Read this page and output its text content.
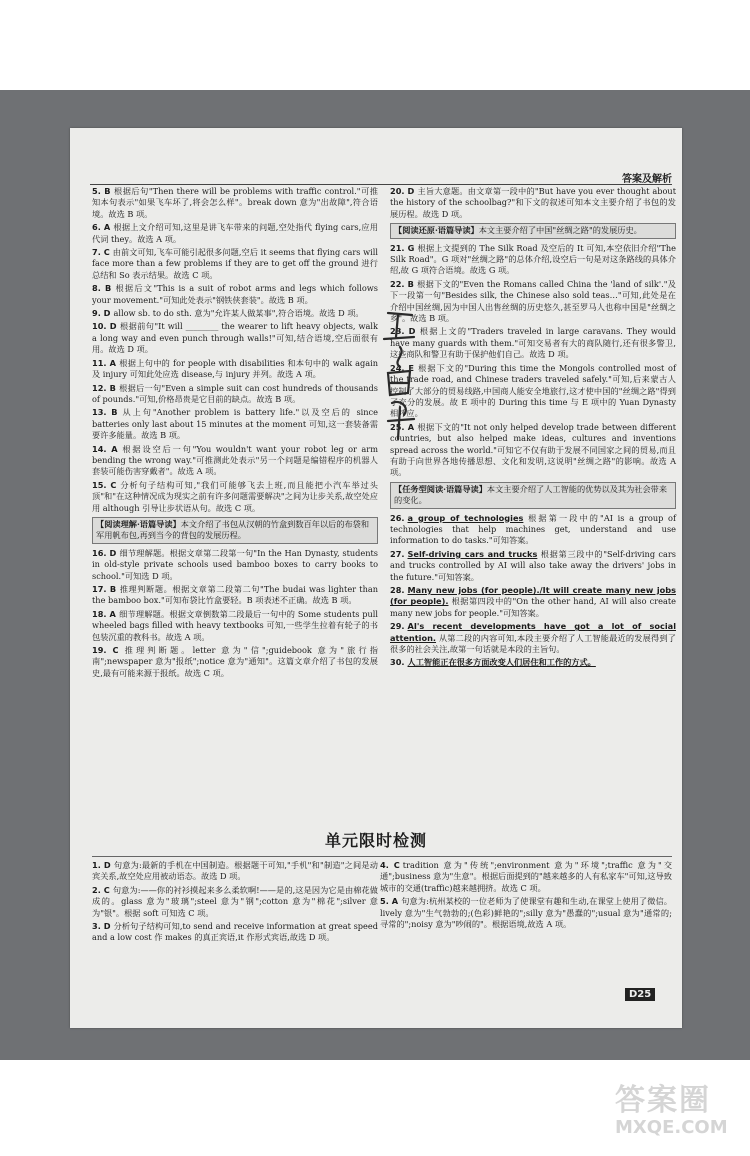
答案及解析
5. B 根据后句"Then there will be problems with traffic control."可推知本句表示"如果飞车坏了,将会怎么样"。break down 意为"出故障",符合语境。故选 B 项。
6. A 根据上文介绍可知,这里是讲飞车带来的问题,空处指代 flying cars,应用代词 they。故选 A 项。
7. C 由前文可知,飞车可能引起很多问题,空后 it seems that flying cars will face more than a few problems if they are to get off the ground 进行总结和 So 表示结果。故选 C 项。
8. B 根据后文"This is a suit of robot arms and legs which follows your movement."可知此处表示"钢铁侠套装"。故选 B 项。
9. D allow sb. to do sth. 意为"允许某人做某事",符合语境。故选 D 项。
10. D 根据前句"It will ________ the wearer to lift heavy objects, walk a long way and even punch through walls!"可知,结合语境,空后面很有用。故选 D 项。
11. A 根据上句中的 for people with disabilities 和本句中的 walk again 及 injury 可知此处应选 disease,与 injury 并列。故选 A 项。
12. B 根据后一句"Even a simple suit can cost hundreds of thousands of pounds."可知,价格昂贵是它目前的缺点。故选 B 项。
13. B 从上句"Another problem is battery life."以及空后的 since batteries only last about 15 minutes at the moment 可知,这一套装备需要许多能量。故选 B 项。
14. A 根据设空后一句"You wouldn't want your robot leg or arm bending the wrong way."可推测此处表示"另一个问题是编错程序的机器人套装可能伤害穿戴者"。故选 A 项。
15. C 分析句子结构可知,"我们可能够飞去上班,而且能把小汽车举过头顶"和"在这种情况成为现实之前有许多问题需要解决"之间为让步关系,故空处应用 although 引导让步状语从句。故选 C 项。
【阅读理解·语篇导读】本文介绍了书包从汉朝的竹盒到数百年以后的布袋和军用帆布包,再到当今的背包的发展历程。
16. D 细节理解题。根据文章第二段第一句"In the Han Dynasty, students in old-style private schools used bamboo boxes to carry books to school."可知选 D 项。
17. B 推理判断题。根据文章第二段第二句"The budai was lighter than the bamboo box."可知布袋比竹盒要轻。B 项表述不正确。故选 B 项。
18. A 细节理解题。根据文章倒数第二段最后一句中的 Some students pull wheeled bags filled with heavy textbooks 可知,一些学生拉着有轮子的书包装沉重的教科书。故选 A 项。
19. C 推理判断题。letter 意为"信";guidebook 意为"旅行指南";newspaper 意为"报纸";notice 意为"通知"。这篇文章介绍了书包的发展史,最有可能来源于报纸。故选 C 项。
20. D 主旨大意题。由文章第一段中的"But have you ever thought about the history of the schoolbag?"和下文的叙述可知本文主要介绍了书包的发展历程。故选 D 项。
【阅读还原·语篇导读】本文主要介绍了中国"丝绸之路"的发展历史。
21. G 根据上文提到的 The Silk Road 及空后的 It 可知,本空依旧介绍"The Silk Road"。G 项对"丝绸之路"的总体介绍,设空后一句是对这条路线的具体介绍,故 G 项符合语境。故选 G 项。
22. B 根据下文的"Even the Romans called China the 'land of silk'."及下一段第一句"Besides silk, the Chinese also sold teas…"可知,此处是在介绍中国丝绸,因为中国人出售丝绸的历史悠久,甚至罗马人也称中国是"丝绸之乡"。故选 B 项。
23. D 根据上文的"Traders traveled in large caravans. They would have many guards with them."可知交易者有大的商队随行,还有很多警卫,这些商队和警卫有助于保护他们自己。故选 D 项。
24. E 根据下文的"During this time the Mongols controlled most of the trade road, and Chinese traders traveled safely."可知,后来蒙古人控制了大部分的贸易线路,中国商人能安全地旅行,这才使中国的"丝绸之路"得到了充分的发展。故 E 项中的 During this time 与 E 项中的 Yuan Dynasty 相呼应。
25. A 根据下文的"It not only helped develop trade between different countries, but also helped make ideas, cultures and inventions spread across the world."可知它不仅有助于发展不同国家之间的贸易,而且有助于向世界各地传播思想、文化和发明,这说明"丝绸之路"的影响。故选 A 项。
【任务型阅读·语篇导读】本文主要介绍了人工智能的优势以及其为社会带来的变化。
26. a group of technologies 根据第一段中的"AI is a group of technologies that help machines get, understand and use information to do tasks."可知答案。
27. Self-driving cars and trucks 根据第三段中的"Self-driving cars and trucks controlled by AI will also take away the drivers' jobs in the future."可知答案。
28. Many new jobs (for people)./It will create many new jobs (for people). 根据第四段中的"On the other hand, AI will also create many new jobs for people."可知答案。
29. AI's recent developments have got a lot of social attention. 从第二段的内容可知,本段主要介绍了人工智能最近的发展得到了很多的社会关注,故第一句话就是本段的主旨句。
30. 人工智能正在很多方面改变人们居住和工作的方式。
单元限时检测
1. D 句意为:最新的手机在中国制造。根据题干可知,"手机"和"制造"之间是动宾关系,故空处应用被动语态。故选 D 项。
2. C 句意为:——你的衬衫摸起来多么柔软啊!——是的,这是因为它是由棉花做成的。glass 意为"玻璃";steel 意为"钢";cotton 意为"棉花";silver 意为"银"。根据 soft 可知选 C 项。
3. D 分析句子结构可知,to send and receive information at great speed and a low cost 作 makes 的真正宾语,it 作形式宾语,故选 D 项。
4. C tradition 意为"传统";environment 意为"环境";traffic 意为"交通";business 意为"生意"。根据后面提到的"越来越多的人有私家车"可知,这导致城市的交通(traffic)越来越拥挤。故选 C 项。
5. A 句意为:杭州某校的一位老师为了使课堂有趣和生动,在课堂上使用了微信。lively 意为"生气勃勃的;(色彩)鲜艳的";silly 意为"愚蠢的";usual 意为"通常的;寻常的";noisy 意为"吵闹的"。根据语境,故选 A 项。
D25
答案圈
MXQE.COM
